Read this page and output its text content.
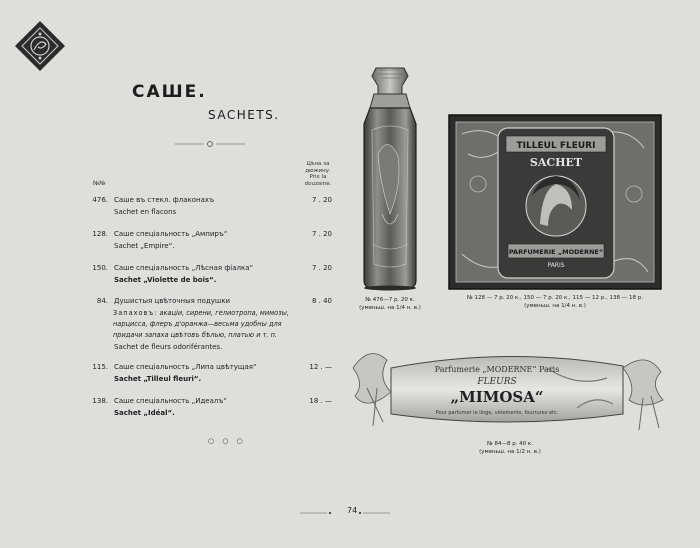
САШЕ.
SACHETS.
Цѣна за дюжину.
Prix la douzaine.
№№
476. Саше въ стекл. флаконахъ	7 . 20
Sachet en flacons
128. Саше спеціальность „Ампиръ“	7 . 20
Sachet „Empire“.
150. Саше спеціальность „Лѣсная фіалка“	7 . 20
Sachet „Violette de bois“.
84. Душистыя цвѣточныя подушки	8 . 40
Запаховъ: акаціи, сирени, гелиотропа, мимозы,
нарцисса, флеръ д'оранжа—весьма удобны для
придачи запаха цвѣтовъ бѣлью, платью и т. п.
Sachet de fleurs odoriférantes.
115. Саше спеціальность „Липа цвѣтущая“	12 . —
Sachet „Tilleul fleuri“.
138. Саше спеціальность „Идеалъ“	18 . —
Sachet „Idéal“.
○ ○ ○
№ 476—7 р. 20 к.
(уменьш. на 1/4 н. в.)
TILLEUL FLEURI
SACHET
PARFUMERIE „MODERNE“
PARIS
№ 128 — 7 р. 20 к., 150 — 7 р. 20 к., 115 — 12 р., 138 — 18 р.
(уменьш. на 1/4 н. в.)
Parfumerie „MODERNE“ Paris
FLEURS
„MIMOSA“
Pour parfumer le linge, vêtements, fourrures etc.
№ 84—8 р. 40 к.
(уменьш. на 1/2 н. в.)
74
